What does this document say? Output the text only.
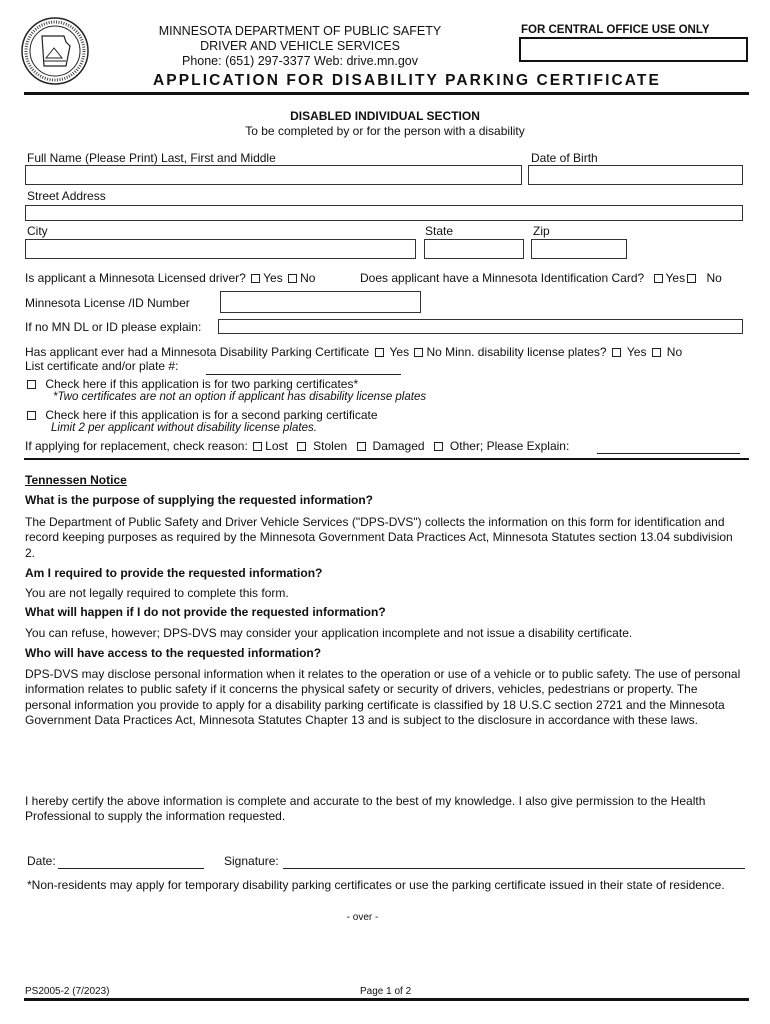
MINNESOTA DEPARTMENT OF PUBLIC SAFETY
DRIVER AND VEHICLE SERVICES
Phone: (651) 297-3377 Web: drive.mn.gov
FOR CENTRAL OFFICE USE ONLY
APPLICATION FOR DISABILITY PARKING CERTIFICATE
DISABLED INDIVIDUAL SECTION
To be completed by or for the person with a disability
Full Name (Please Print) Last, First and Middle	Date of Birth
Street Address
City	State	Zip
Is applicant a Minnesota Licensed driver? Yes No	Does applicant have a Minnesota Identification Card? Yes No
Minnesota License /ID Number
If no MN DL or ID please explain:
Has applicant ever had a Minnesota Disability Parking Certificate Yes No Minn. disability license plates? Yes No
List certificate and/or plate #:
Check here if this application is for two parking certificates*
*Two certificates are not an option if applicant has disability license plates
Check here if this application is for a second parking certificate
Limit 2 per applicant without disability license plates.
If applying for replacement, check reason: Lost Stolen Damaged Other; Please Explain:
Tennessen Notice
What is the purpose of supplying the requested information?

The Department of Public Safety and Driver Vehicle Services ("DPS-DVS") collects the information on this form for identification and record keeping purposes as required by the Minnesota Government Data Practices Act, Minnesota Statutes section 13.04 subdivision 2.

Am I required to provide the requested information?
You are not legally required to complete this form.
What will happen if I do not provide the requested information?
You can refuse, however; DPS-DVS may consider your application incomplete and not issue a disability certificate.
Who will have access to the requested information?

DPS-DVS may disclose personal information when it relates to the operation or use of a vehicle or to public safety. The use of personal information relates to public safety if it concerns the physical safety or security of drivers, vehicles, pedestrians or property. The personal information you provide to apply for a disability parking certificate is classified by 18 U.S.C section 2721 and the Minnesota Government Data Practices Act, Minnesota Statutes Chapter 13 and is subject to the disclosure in accordance with these laws.

I hereby certify the above information is complete and accurate to the best of my knowledge. I also give permission to the Health Professional to supply the information requested.

Date:	Signature:

*Non-residents may apply for temporary disability parking certificates or use the parking certificate issued in their state of residence.

- over -
PS2005-2 (7/2023)	Page 1 of 2
